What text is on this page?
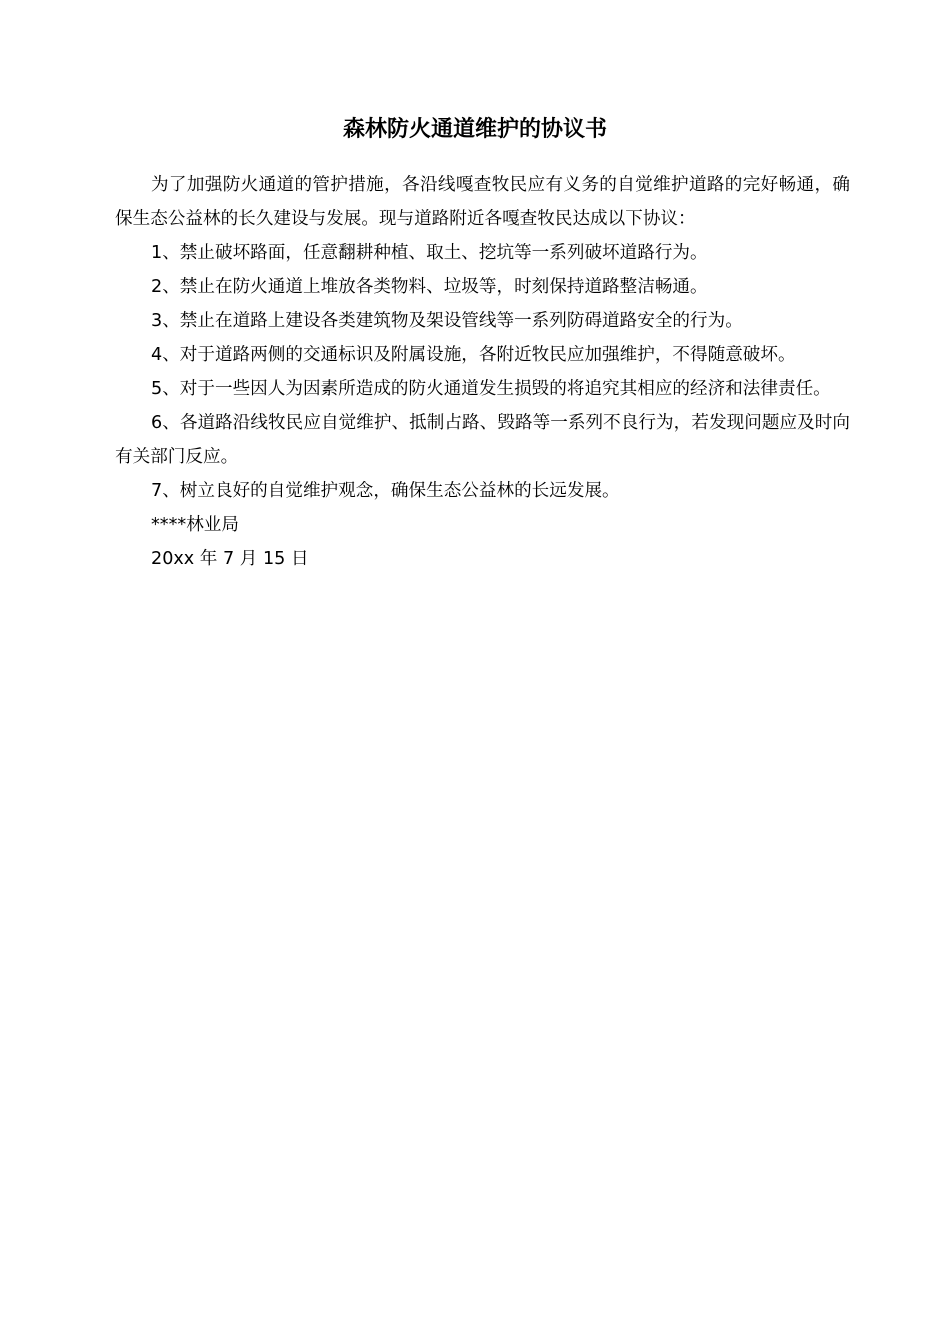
森林防火通道维护的协议书

为了加强防火通道的管护措施，各沿线嘎查牧民应有义务的自觉维护道路的完好畅通，确保生态公益林的长久建设与发展。现与道路附近各嘎查牧民达成以下协议：

1、禁止破坏路面，任意翻耕种植、取土、挖坑等一系列破坏道路行为。

2、禁止在防火通道上堆放各类物料、垃圾等，时刻保持道路整洁畅通。

3、禁止在道路上建设各类建筑物及架设管线等一系列防碍道路安全的行为。

4、对于道路两侧的交通标识及附属设施，各附近牧民应加强维护，不得随意破坏。

5、对于一些因人为因素所造成的防火通道发生损毁的将追究其相应的经济和法律责任。

6、各道路沿线牧民应自觉维护、抵制占路、毁路等一系列不良行为，若发现问题应及时向有关部门反应。

7、树立良好的自觉维护观念，确保生态公益林的长远发展。

****林业局

20xx 年 7 月 15 日
